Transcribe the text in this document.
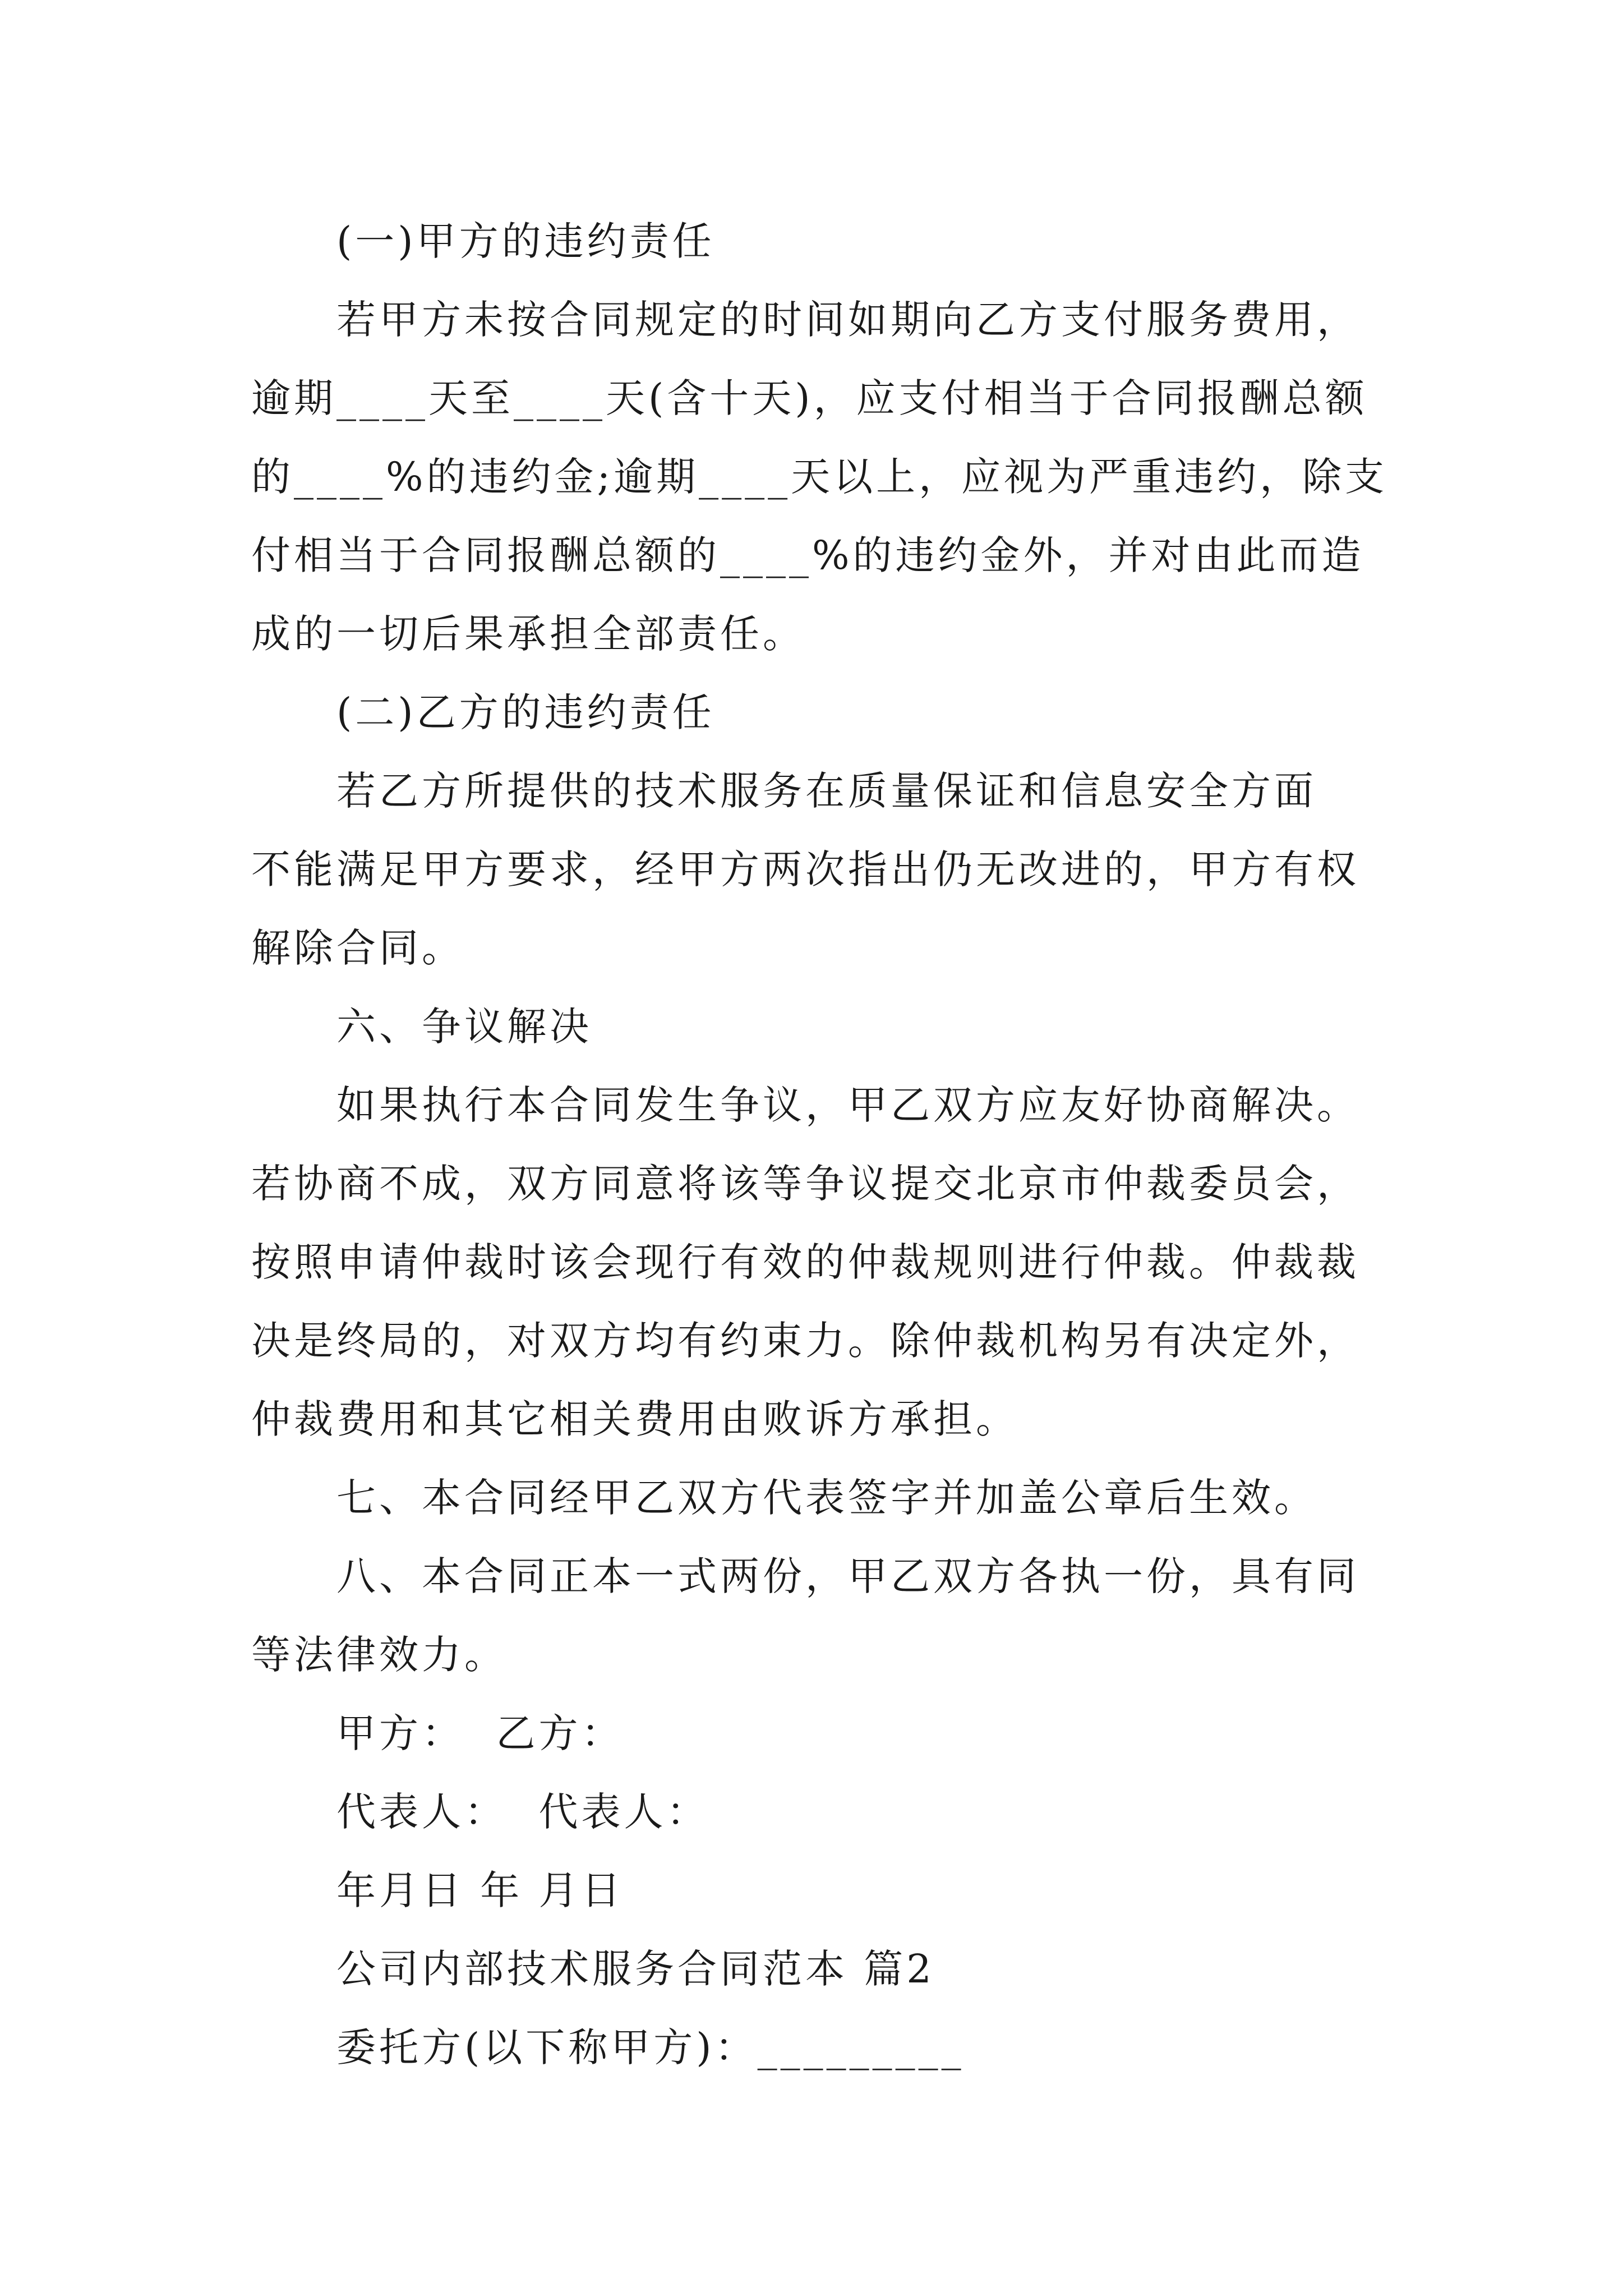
(一)甲方的违约责任
若甲方未按合同规定的时间如期向乙方支付服务费用，
逾期____天至____天(含十天)，应支付相当于合同报酬总额
的____%的违约金;逾期____天以上，应视为严重违约，除支
付相当于合同报酬总额的____%的违约金外，并对由此而造
成的一切后果承担全部责任。
(二)乙方的违约责任
若乙方所提供的技术服务在质量保证和信息安全方面
不能满足甲方要求，经甲方两次指出仍无改进的，甲方有权
解除合同。
六、争议解决
如果执行本合同发生争议，甲乙双方应友好协商解决。
若协商不成，双方同意将该等争议提交北京市仲裁委员会，
按照申请仲裁时该会现行有效的仲裁规则进行仲裁。仲裁裁
决是终局的，对双方均有约束力。除仲裁机构另有决定外，
仲裁费用和其它相关费用由败诉方承担。
七、本合同经甲乙双方代表签字并加盖公章后生效。
八、本合同正本一式两份，甲乙双方各执一份，具有同
等法律效力。
甲方：  乙方：
代表人：  代表人：
年月日 年 月日
公司内部技术服务合同范本 篇2
委托方(以下称甲方)：_________
